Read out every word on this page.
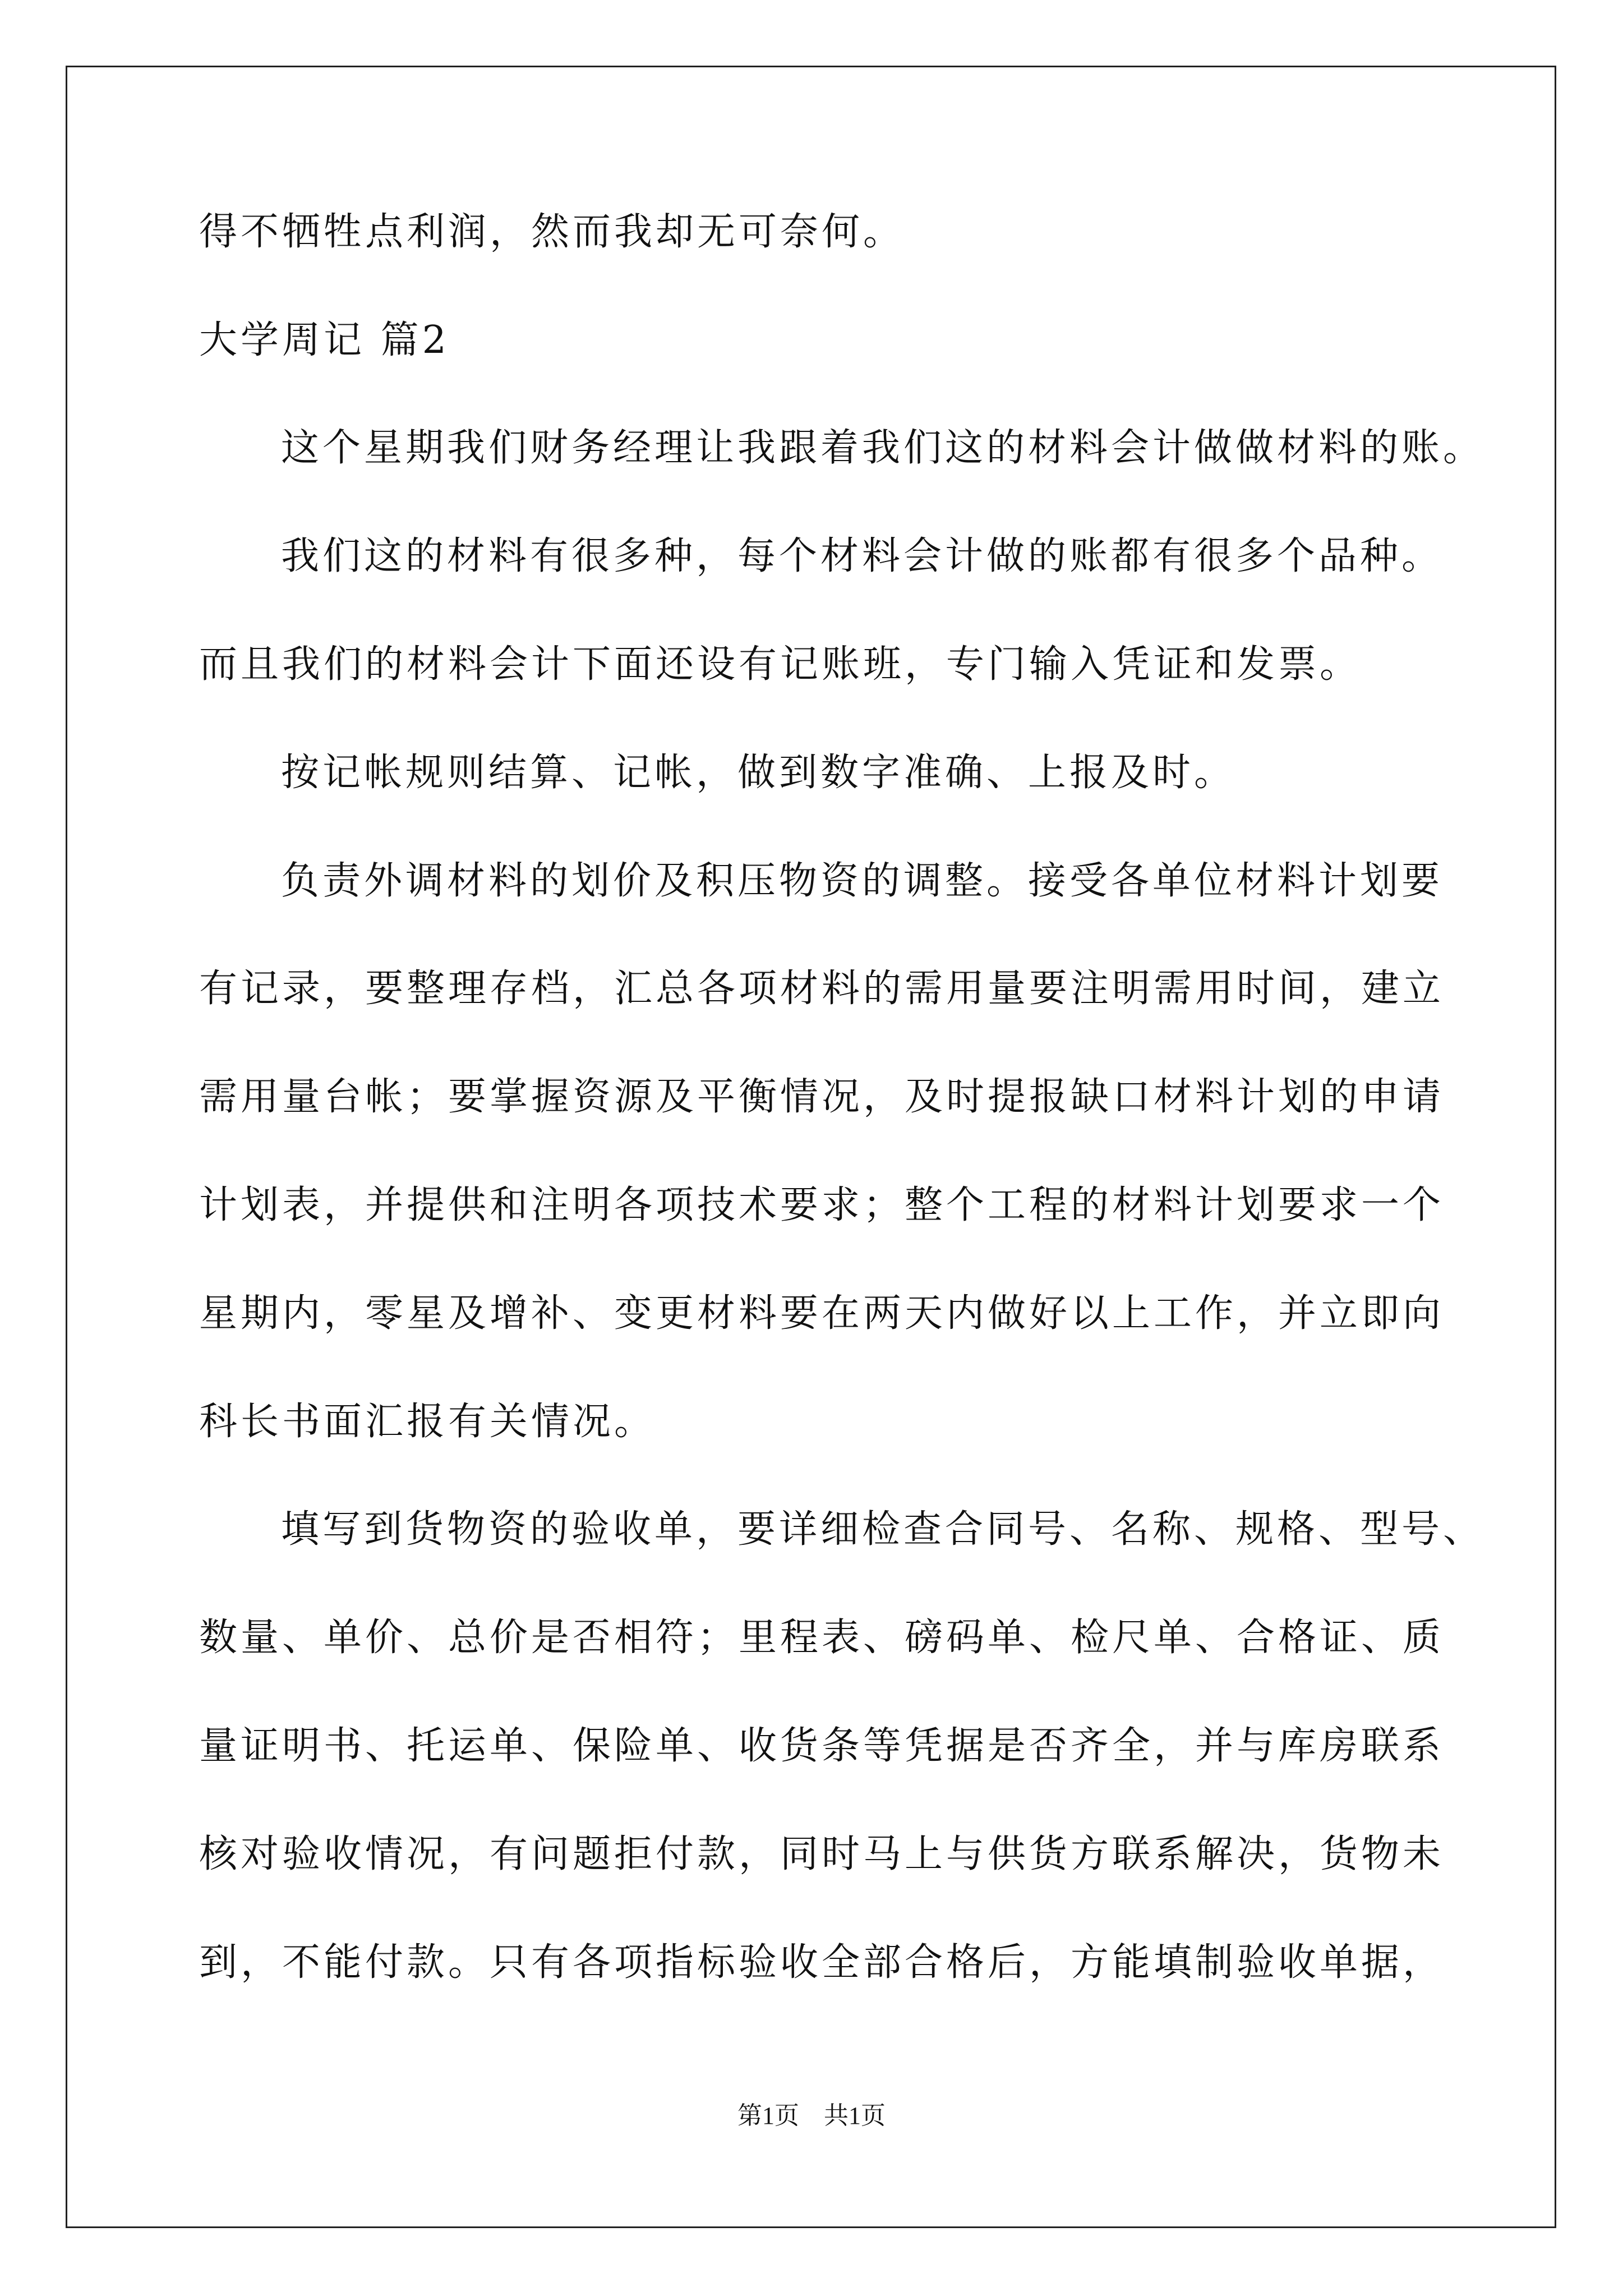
得不牺牲点利润，然而我却无可奈何。
大学周记 篇2
这个星期我们财务经理让我跟着我们这的材料会计做做材料的账。
我们这的材料有很多种，每个材料会计做的账都有很多个品种。
而且我们的材料会计下面还设有记账班，专门输入凭证和发票。
按记帐规则结算、记帐，做到数字准确、上报及时。
负责外调材料的划价及积压物资的调整。接受各单位材料计划要
有记录，要整理存档，汇总各项材料的需用量要注明需用时间，建立
需用量台帐；要掌握资源及平衡情况，及时提报缺口材料计划的申请
计划表，并提供和注明各项技术要求；整个工程的材料计划要求一个
星期内，零星及增补、变更材料要在两天内做好以上工作，并立即向
科长书面汇报有关情况。
填写到货物资的验收单，要详细检查合同号、名称、规格、型号、
数量、单价、总价是否相符；里程表、磅码单、检尺单、合格证、质
量证明书、托运单、保险单、收货条等凭据是否齐全，并与库房联系
核对验收情况，有问题拒付款，同时马上与供货方联系解决，货物未
到，不能付款。只有各项指标验收全部合格后，方能填制验收单据，
第1页　共1页
